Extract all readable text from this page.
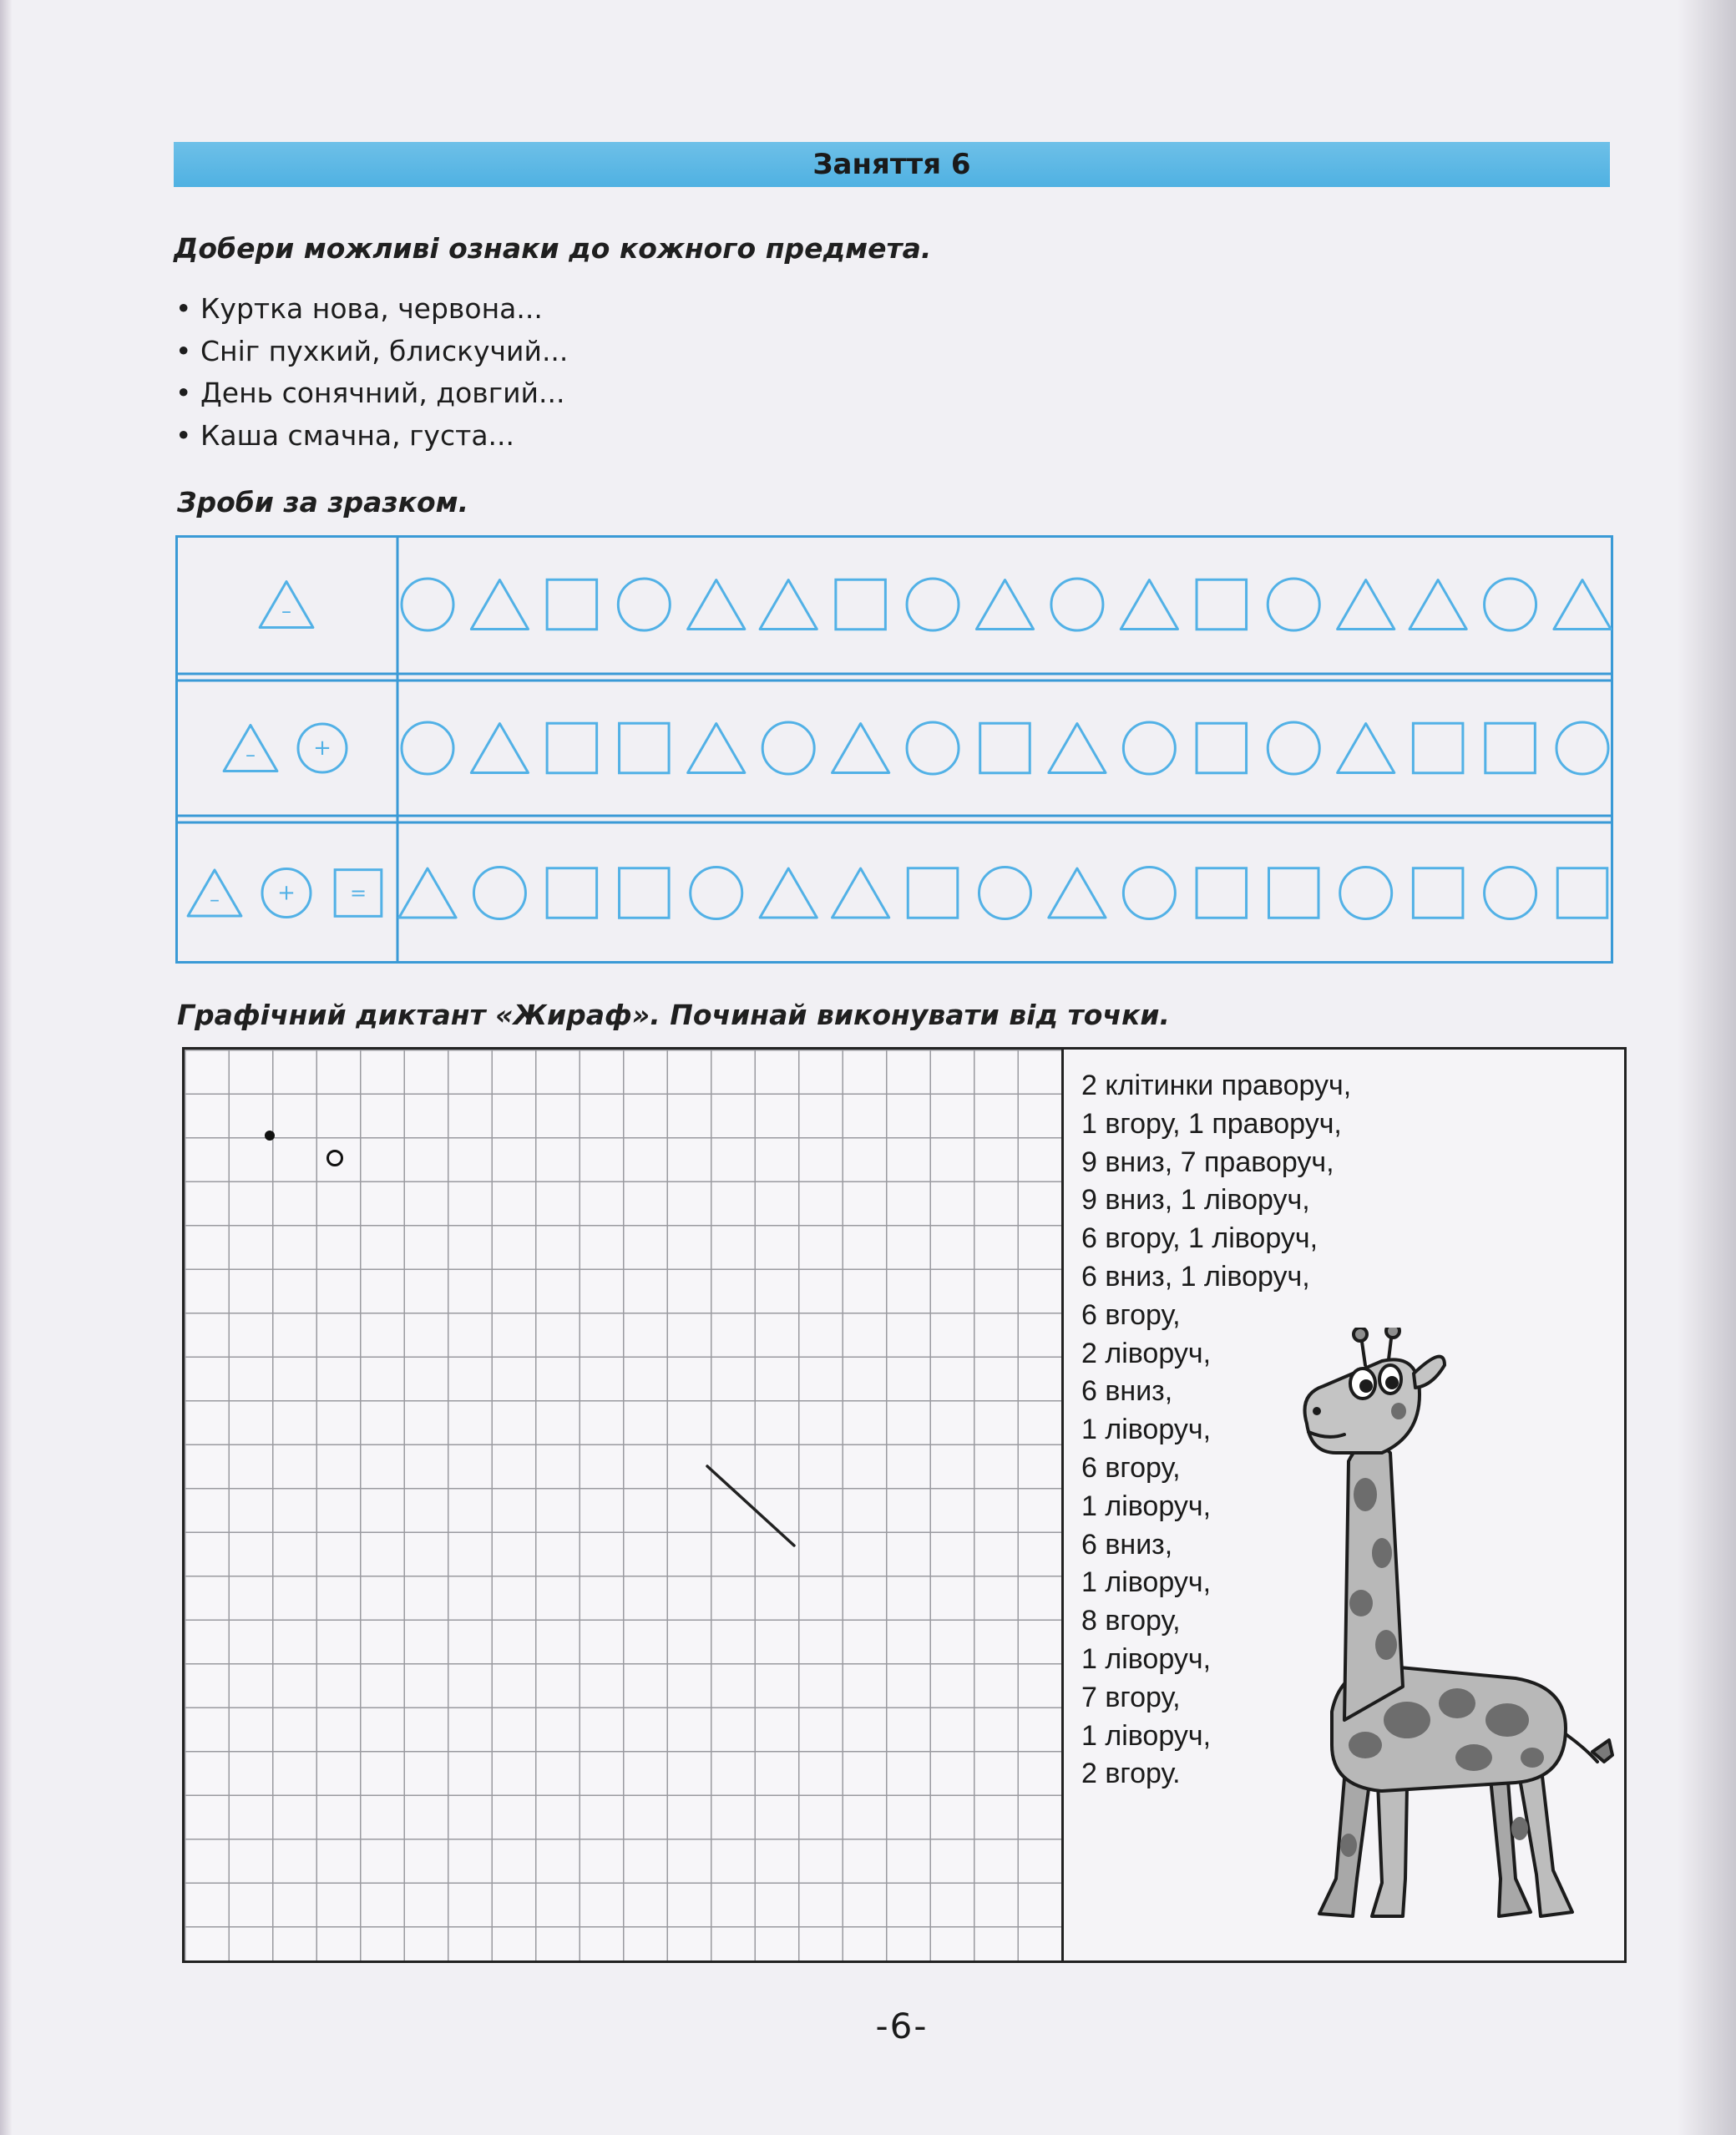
Заняття 6
Добери можливі ознаки до кожного предмета.
• Куртка нова, червона...
• Сніг пухкий, блискучий...
• День сонячний, довгий...
• Каша смачна, густа...
Зроби за зразком.
–
–	+
–	+	=
Графічний диктант «Жираф». Починай виконувати від точки.
2 клітинки праворуч,
1 вгору, 1 праворуч,
9 вниз, 7 праворуч,
9 вниз, 1 ліворуч,
6 вгору, 1 ліворуч,
6 вниз, 1 ліворуч,
6 вгору,
2 ліворуч,
6 вниз,
1 ліворуч,
6 вгору,
1 ліворуч,
6 вниз,
1 ліворуч,
8 вгору,
1 ліворуч,
7 вгору,
1 ліворуч,
2 вгору.
-6-
